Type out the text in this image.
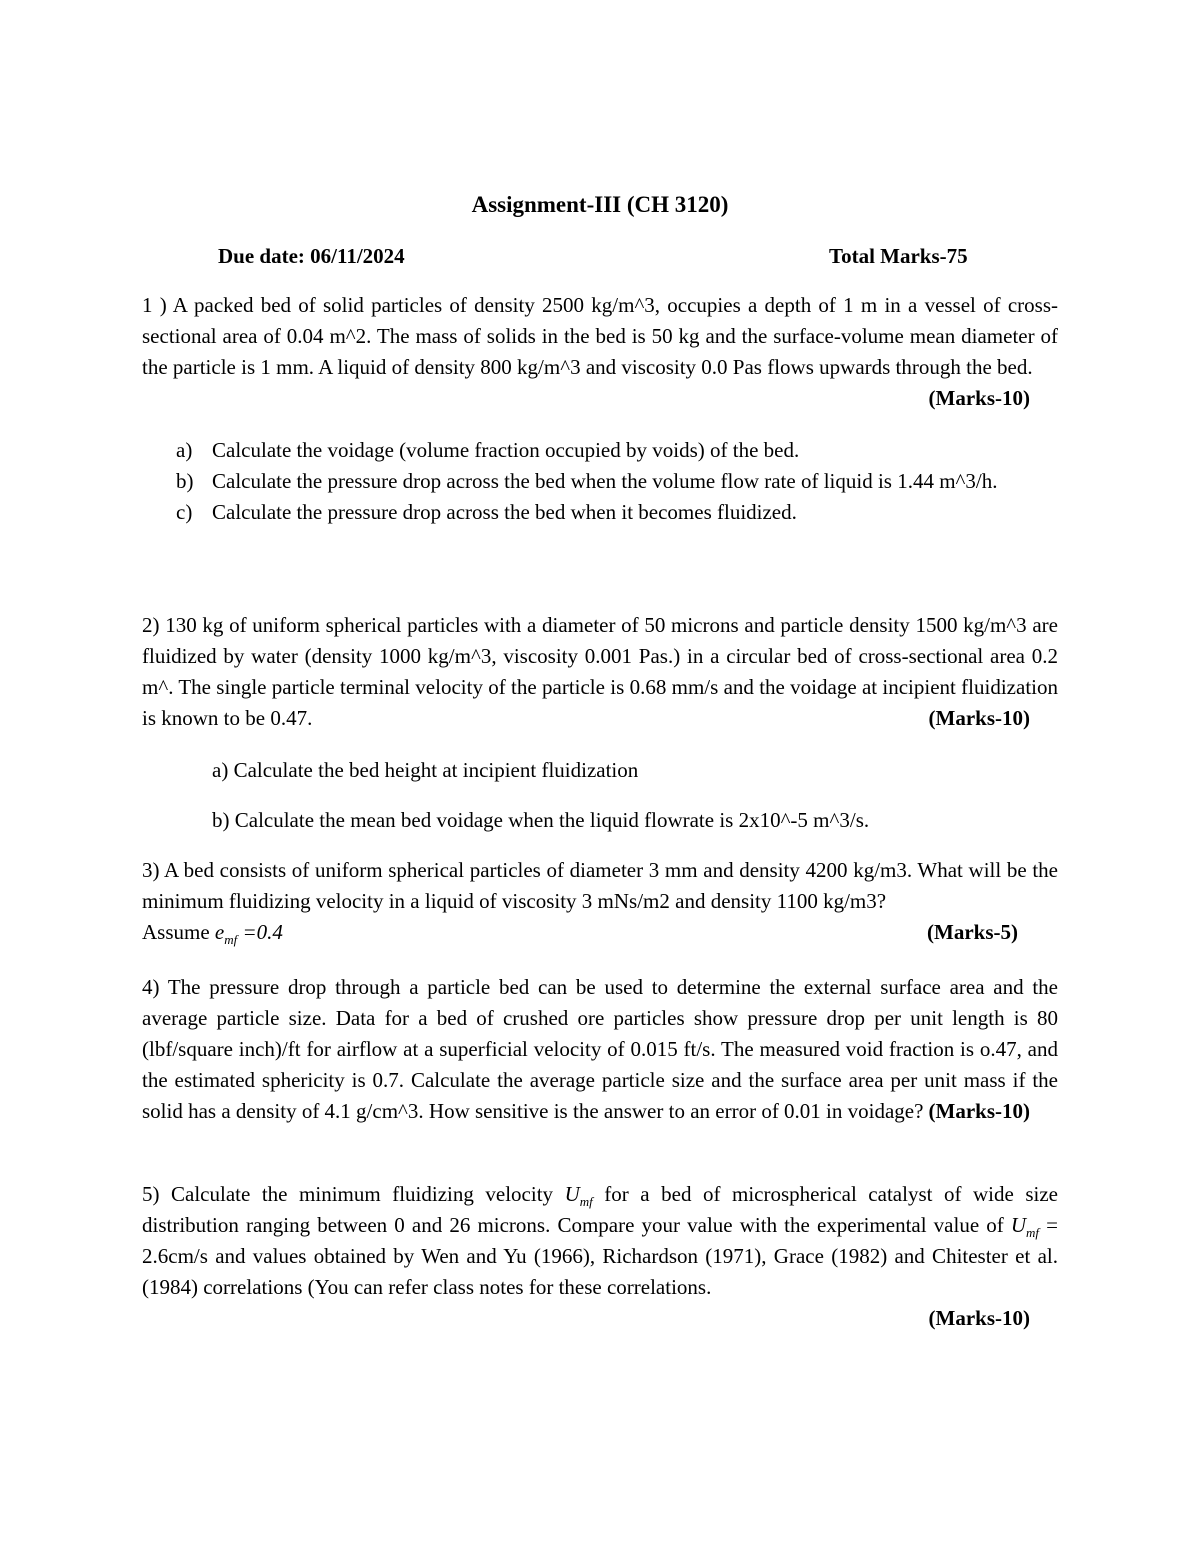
Assignment-III (CH 3120)
Due date: 06/11/2024	Total Marks-75

1 ) A packed bed of solid particles of density 2500 kg/m^3, occupies a depth of 1 m in a vessel of cross-sectional area of 0.04 m^2. The mass of solids in the bed is 50 kg and the surface-volume mean diameter of the particle is 1 mm. A liquid of density 800 kg/m^3 and viscosity 0.0 Pas flows upwards through the bed.
(Marks-10)

a) Calculate the voidage (volume fraction occupied by voids) of the bed.
b) Calculate the pressure drop across the bed when the volume flow rate of liquid is 1.44 m^3/h.
c) Calculate the pressure drop across the bed when it becomes fluidized.

2) 130 kg of uniform spherical particles with a diameter of 50 microns and particle density 1500 kg/m^3 are fluidized by water (density 1000 kg/m^3, viscosity 0.001 Pas.) in a circular bed of cross-sectional area 0.2 m^. The single particle terminal velocity of the particle is 0.68 mm/s and the voidage at incipient fluidization is known to be 0.47.	(Marks-10)

a) Calculate the bed height at incipient fluidization

b) Calculate the mean bed voidage when the liquid flowrate is 2x10^-5 m^3/s.

3) A bed consists of uniform spherical particles of diameter 3 mm and density 4200 kg/m3. What will be the minimum fluidizing velocity in a liquid of viscosity 3 mNs/m2 and density 1100 kg/m3?
Assume $e_{mf} =0.4$	(Marks-5)

4) The pressure drop through a particle bed can be used to determine the external surface area and the average particle size. Data for a bed of crushed ore particles show pressure drop per unit length is 80 (lbf/square inch)/ft for airflow at a superficial velocity of 0.015 ft/s. The measured void fraction is o.47, and the estimated sphericity is 0.7. Calculate the average particle size and the surface area per unit mass if the solid has a density of 4.1 g/cm^3. How sensitive is the answer to an error of 0.01 in voidage? (Marks-10)

5) Calculate the minimum fluidizing velocity $U_{mf}$ for a bed of microspherical catalyst of wide size distribution ranging between 0 and 26 microns. Compare your value with the experimental value of $U_{mf} = 2.6cm/s$ and values obtained by Wen and Yu (1966), Richardson (1971), Grace (1982) and Chitester et al. (1984) correlations (You can refer class notes for these correlations.

(Marks-10)
